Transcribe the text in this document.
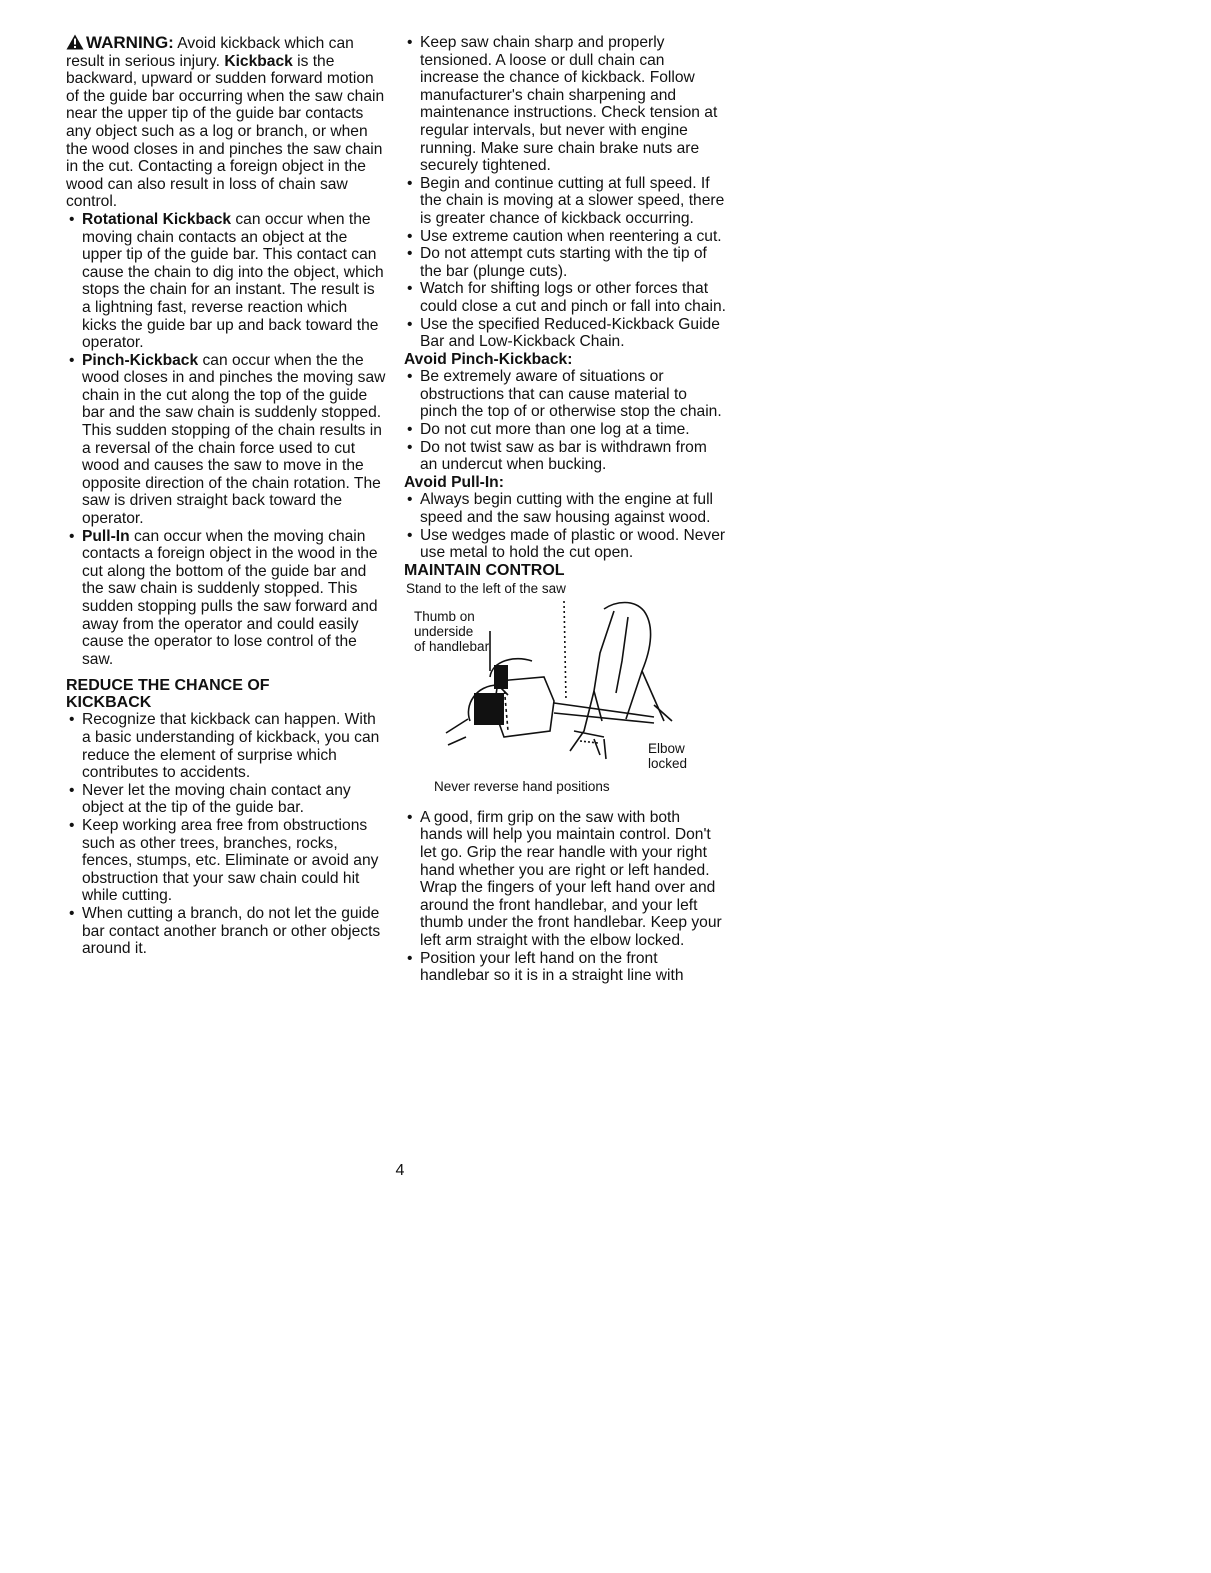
WARNING: Avoid kickback which can result in serious injury. Kickback is the backward, upward or sudden forward motion of the guide bar occurring when the saw chain near the upper tip of the guide bar contacts any object such as a log or branch, or when the wood closes in and pinches the saw chain in the cut. Contacting a foreign object in the wood can also result in loss of chain saw control.

• Rotational Kickback can occur when the moving chain contacts an object at the upper tip of the guide bar. This contact can cause the chain to dig into the object, which stops the chain for an instant. The result is a lightning fast, reverse reaction which kicks the guide bar up and back toward the operator.

• Pinch-Kickback can occur when the the wood closes in and pinches the moving saw chain in the cut along the top of the guide bar and the saw chain is suddenly stopped. This sudden stopping of the chain results in a reversal of the chain force used to cut wood and causes the saw to move in the opposite direction of the chain rotation. The saw is driven straight back toward the operator.

• Pull-In can occur when the moving chain contacts a foreign object in the wood in the cut along the bottom of the guide bar and the saw chain is suddenly stopped. This sudden stopping pulls the saw forward and away from the operator and could easily cause the operator to lose control of the saw.

REDUCE THE CHANCE OF
KICKBACK

• Recognize that kickback can happen. With a basic understanding of kickback, you can reduce the element of surprise which contributes to accidents.

• Never let the moving chain contact any object at the tip of the guide bar.

• Keep working area free from obstructions such as other trees, branches, rocks, fences, stumps, etc. Eliminate or avoid any obstruction that your saw chain could hit while cutting.

• When cutting a branch, do not let the guide bar contact another branch or other objects around it.

• Keep saw chain sharp and properly tensioned. A loose or dull chain can increase the chance of kickback. Follow manufacturer's chain sharpening and maintenance instructions. Check tension at regular intervals, but never with engine running. Make sure chain brake nuts are securely tightened.

• Begin and continue cutting at full speed. If the chain is moving at a slower speed, there is greater chance of kickback occurring.

• Use extreme caution when reentering a cut.

• Do not attempt cuts starting with the tip of the bar (plunge cuts).

• Watch for shifting logs or other forces that could close a cut and pinch or fall into chain.

• Use the specified Reduced-Kickback Guide Bar and Low-Kickback Chain.

Avoid Pinch-Kickback:

• Be extremely aware of situations or obstructions that can cause material to pinch the top of or otherwise stop the chain.

• Do not cut more than one log at a time.

• Do not twist saw as bar is withdrawn from an undercut when bucking.

Avoid Pull-In:

• Always begin cutting with the engine at full speed and the saw housing against wood.

• Use wedges made of plastic or wood. Never use metal to hold the cut open.

MAINTAIN CONTROL

Stand to the left of the saw
Thumb on
underside
of handlebar
Elbow
locked
Never reverse hand positions

• A good, firm grip on the saw with both hands will help you maintain control. Don't let go. Grip the rear handle with your right hand whether you are right or left handed. Wrap the fingers of your left hand over and around the front handlebar, and your left thumb under the front handlebar. Keep your left arm straight with the elbow locked.

• Position your left hand on the front handlebar so it is in a straight line with

4
